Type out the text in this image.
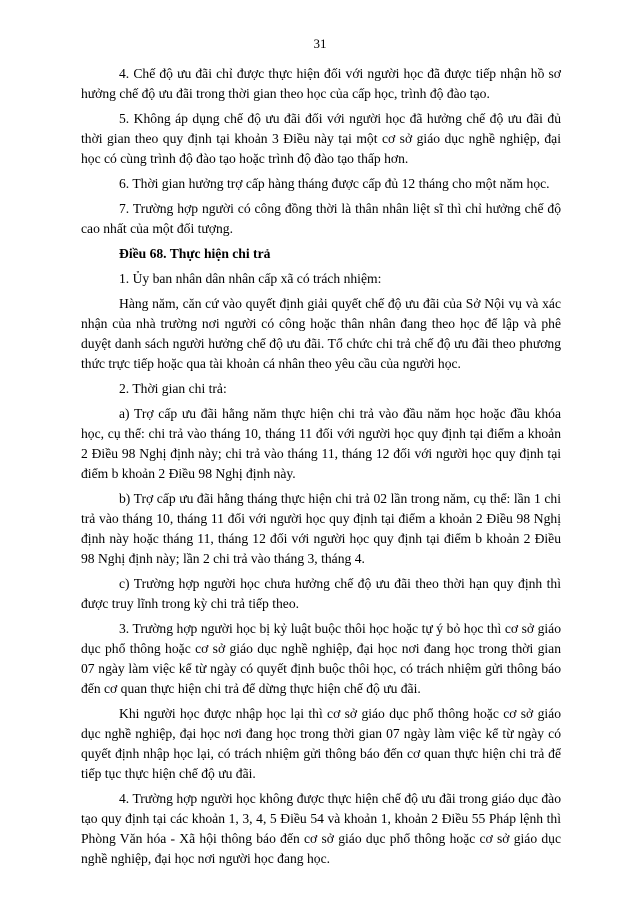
31

4. Chế độ ưu đãi chỉ được thực hiện đối với người học đã được tiếp nhận hồ sơ hưởng chế độ ưu đãi trong thời gian theo học của cấp học, trình độ đào tạo.

5. Không áp dụng chế độ ưu đãi đối với người học đã hưởng chế độ ưu đãi đủ thời gian theo quy định tại khoản 3 Điều này tại một cơ sở giáo dục nghề nghiệp, đại học có cùng trình độ đào tạo hoặc trình độ đào tạo thấp hơn.

6. Thời gian hưởng trợ cấp hàng tháng được cấp đủ 12 tháng cho một năm học.

7. Trường hợp người có công đồng thời là thân nhân liệt sĩ thì chỉ hưởng chế độ cao nhất của một đối tượng.

Điều 68. Thực hiện chi trả

1. Ủy ban nhân dân nhân cấp xã có trách nhiệm:

Hàng năm, căn cứ vào quyết định giải quyết chế độ ưu đãi của Sở Nội vụ và xác nhận của nhà trường nơi người có công hoặc thân nhân đang theo học để lập và phê duyệt danh sách người hưởng chế độ ưu đãi. Tổ chức chi trả chế độ ưu đãi theo phương thức trực tiếp hoặc qua tài khoản cá nhân theo yêu cầu của người học.

2. Thời gian chi trả:

a) Trợ cấp ưu đãi hằng năm thực hiện chi trả vào đầu năm học hoặc đầu khóa học, cụ thể: chi trả vào tháng 10, tháng 11 đối với người học quy định tại điểm a khoản 2 Điều 98 Nghị định này; chi trả vào tháng 11, tháng 12 đối với người học quy định tại điểm b khoản 2 Điều 98 Nghị định này.

b) Trợ cấp ưu đãi hằng tháng thực hiện chi trả 02 lần trong năm, cụ thể: lần 1 chi trả vào tháng 10, tháng 11 đối với người học quy định tại điểm a khoản 2 Điều 98 Nghị định này hoặc tháng 11, tháng 12 đối với người học quy định tại điểm b khoản 2 Điều 98 Nghị định này; lần 2 chi trả vào tháng 3, tháng 4.

c) Trường hợp người học chưa hưởng chế độ ưu đãi theo thời hạn quy định thì được truy lĩnh trong kỳ chi trả tiếp theo.

3. Trường hợp người học bị kỷ luật buộc thôi học hoặc tự ý bỏ học thì cơ sở giáo dục phổ thông hoặc cơ sở giáo dục nghề nghiệp, đại học nơi đang học trong thời gian 07 ngày làm việc kể từ ngày có quyết định buộc thôi học, có trách nhiệm gửi thông báo đến cơ quan thực hiện chi trả để dừng thực hiện chế độ ưu đãi.

Khi người học được nhập học lại thì cơ sở giáo dục phổ thông hoặc cơ sở giáo dục nghề nghiệp, đại học nơi đang học trong thời gian 07 ngày làm việc kể từ ngày có quyết định nhập học lại, có trách nhiệm gửi thông báo đến cơ quan thực hiện chi trả để tiếp tục thực hiện chế độ ưu đãi.

4. Trường hợp người học không được thực hiện chế độ ưu đãi trong giáo dục đào tạo quy định tại các khoản 1, 3, 4, 5 Điều 54 và khoản 1, khoản 2 Điều 55 Pháp lệnh thì Phòng Văn hóa - Xã hội thông báo đến cơ sở giáo dục phổ thông hoặc cơ sở giáo dục nghề nghiệp, đại học nơi người học đang học.
